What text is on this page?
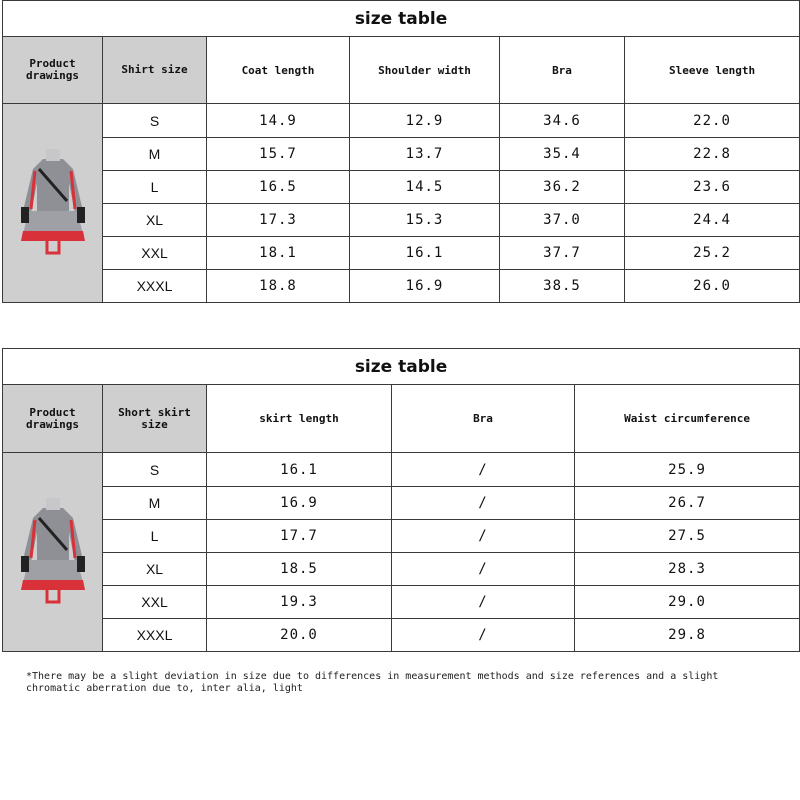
size table					
Product drawings	Shirt size	Coat length	Shoulder width	Bra	Sleeve length
	S	14.9	12.9	34.6	22.0
	M	15.7	13.7	35.4	22.8
	L	16.5	14.5	36.2	23.6
	XL	17.3	15.3	37.0	24.4
	XXL	18.1	16.1	37.7	25.2
	XXXL	18.8	16.9	38.5	26.0
size table				
Product drawings	Short skirt size	skirt length	Bra	Waist circumference
	S	16.1	/	25.9
	M	16.9	/	26.7
	L	17.7	/	27.5
	XL	18.5	/	28.3
	XXL	19.3	/	29.0
	XXXL	20.0	/	29.8
*There may be a slight deviation in size due to differences in measurement methods and size references and a slight chromatic aberration due to, inter alia, light
